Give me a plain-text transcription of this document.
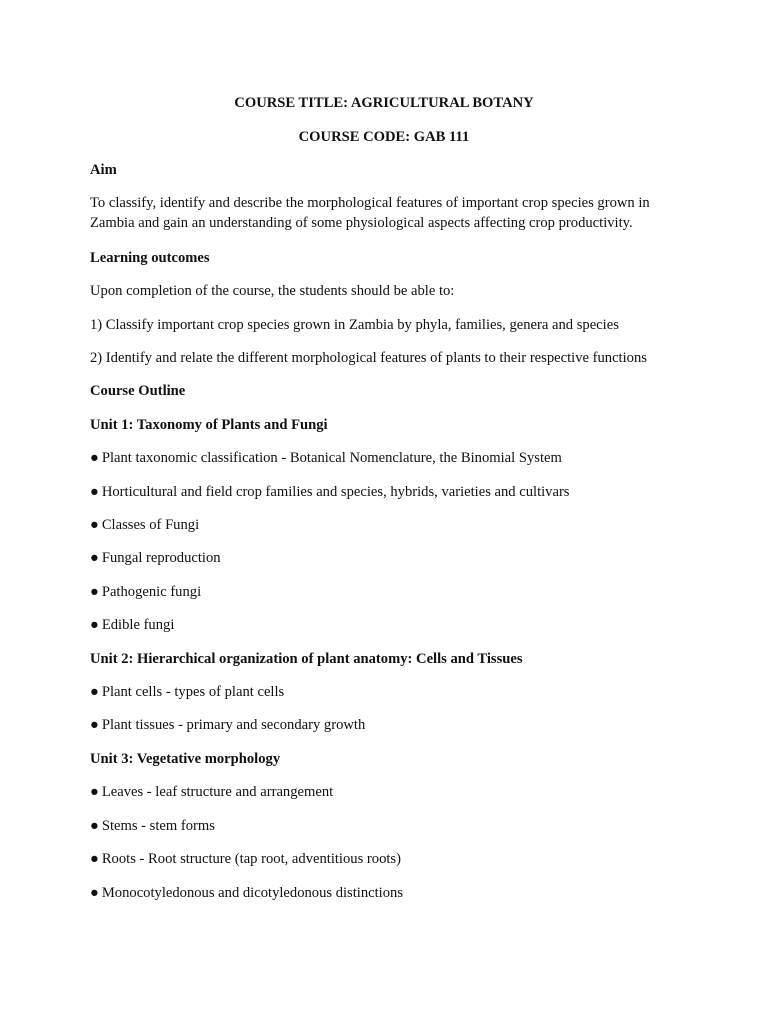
COURSE TITLE: AGRICULTURAL BOTANY
COURSE CODE: GAB 111
Aim
To classify, identify and describe the morphological features of important crop species grown in
Zambia and gain an understanding of some physiological aspects affecting crop productivity.
Learning outcomes
Upon completion of the course, the students should be able to:
1) Classify important crop species grown in Zambia by phyla, families, genera and species
2) Identify and relate the different morphological features of plants to their respective functions
Course Outline
Unit 1: Taxonomy of Plants and Fungi
● Plant taxonomic classification - Botanical Nomenclature, the Binomial System
● Horticultural and field crop families and species, hybrids, varieties and cultivars
● Classes of Fungi
● Fungal reproduction
● Pathogenic fungi
● Edible fungi
Unit 2: Hierarchical organization of plant anatomy: Cells and Tissues
● Plant cells - types of plant cells
● Plant tissues - primary and secondary growth
Unit 3: Vegetative morphology
● Leaves - leaf structure and arrangement
● Stems - stem forms
● Roots - Root structure (tap root, adventitious roots)
● Monocotyledonous and dicotyledonous distinctions
